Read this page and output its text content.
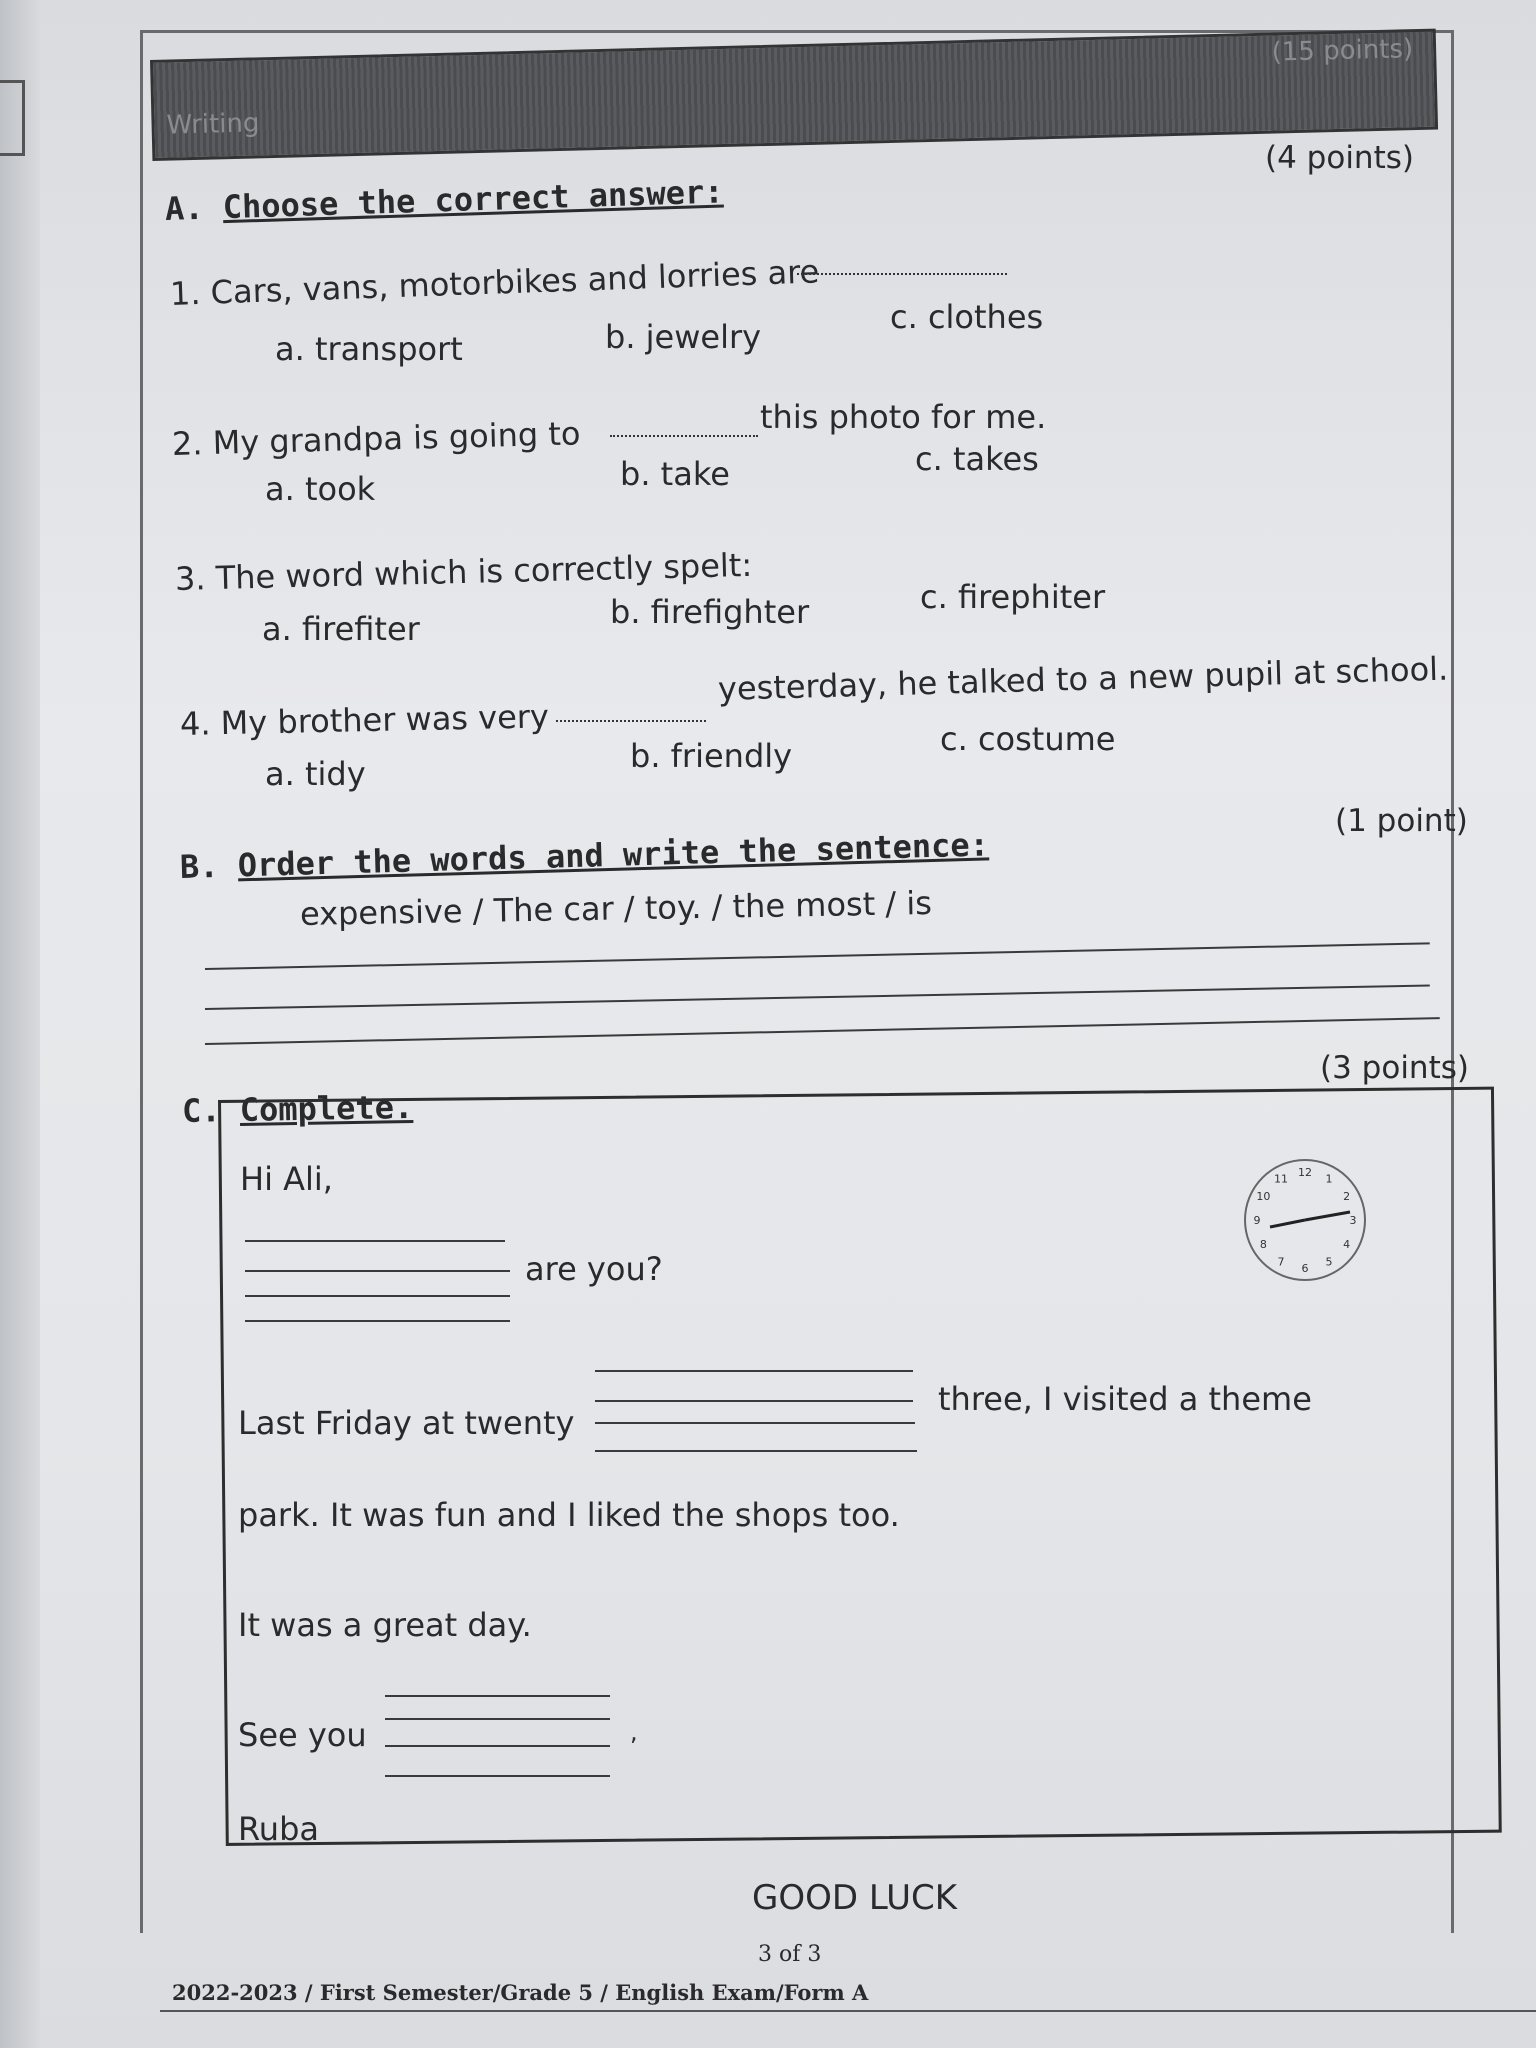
Writing
(15 points)
A. Choose the correct answer:
(4 points)
1. Cars, vans, motorbikes and lorries are
a. transport	b. jewelry
c. clothes
2. My grandpa is going to	this photo for me.
a. took	b. take	c. takes
3. The word which is correctly spelt:
a. firefiter	b. firefighter	c. firephiter
4. My brother was very
yesterday, he talked to a new pupil at school.
a. tidy	b. friendly	c. costume
B. Order the words and write the sentence:
(1 point)
expensive / The car / toy. / the most / is
C. Complete.
(3 points)
Hi Ali,
are you?
12 1
2
3
4
5
6
7
8
9
10
11
Last Friday at twenty
three, I visited a theme
park. It was fun and I liked the shops too.
It was a great day.
See you	,
Ruba
GOOD LUCK
3 of 3
2022-2023 / First Semester/Grade 5 / English Exam/Form A
